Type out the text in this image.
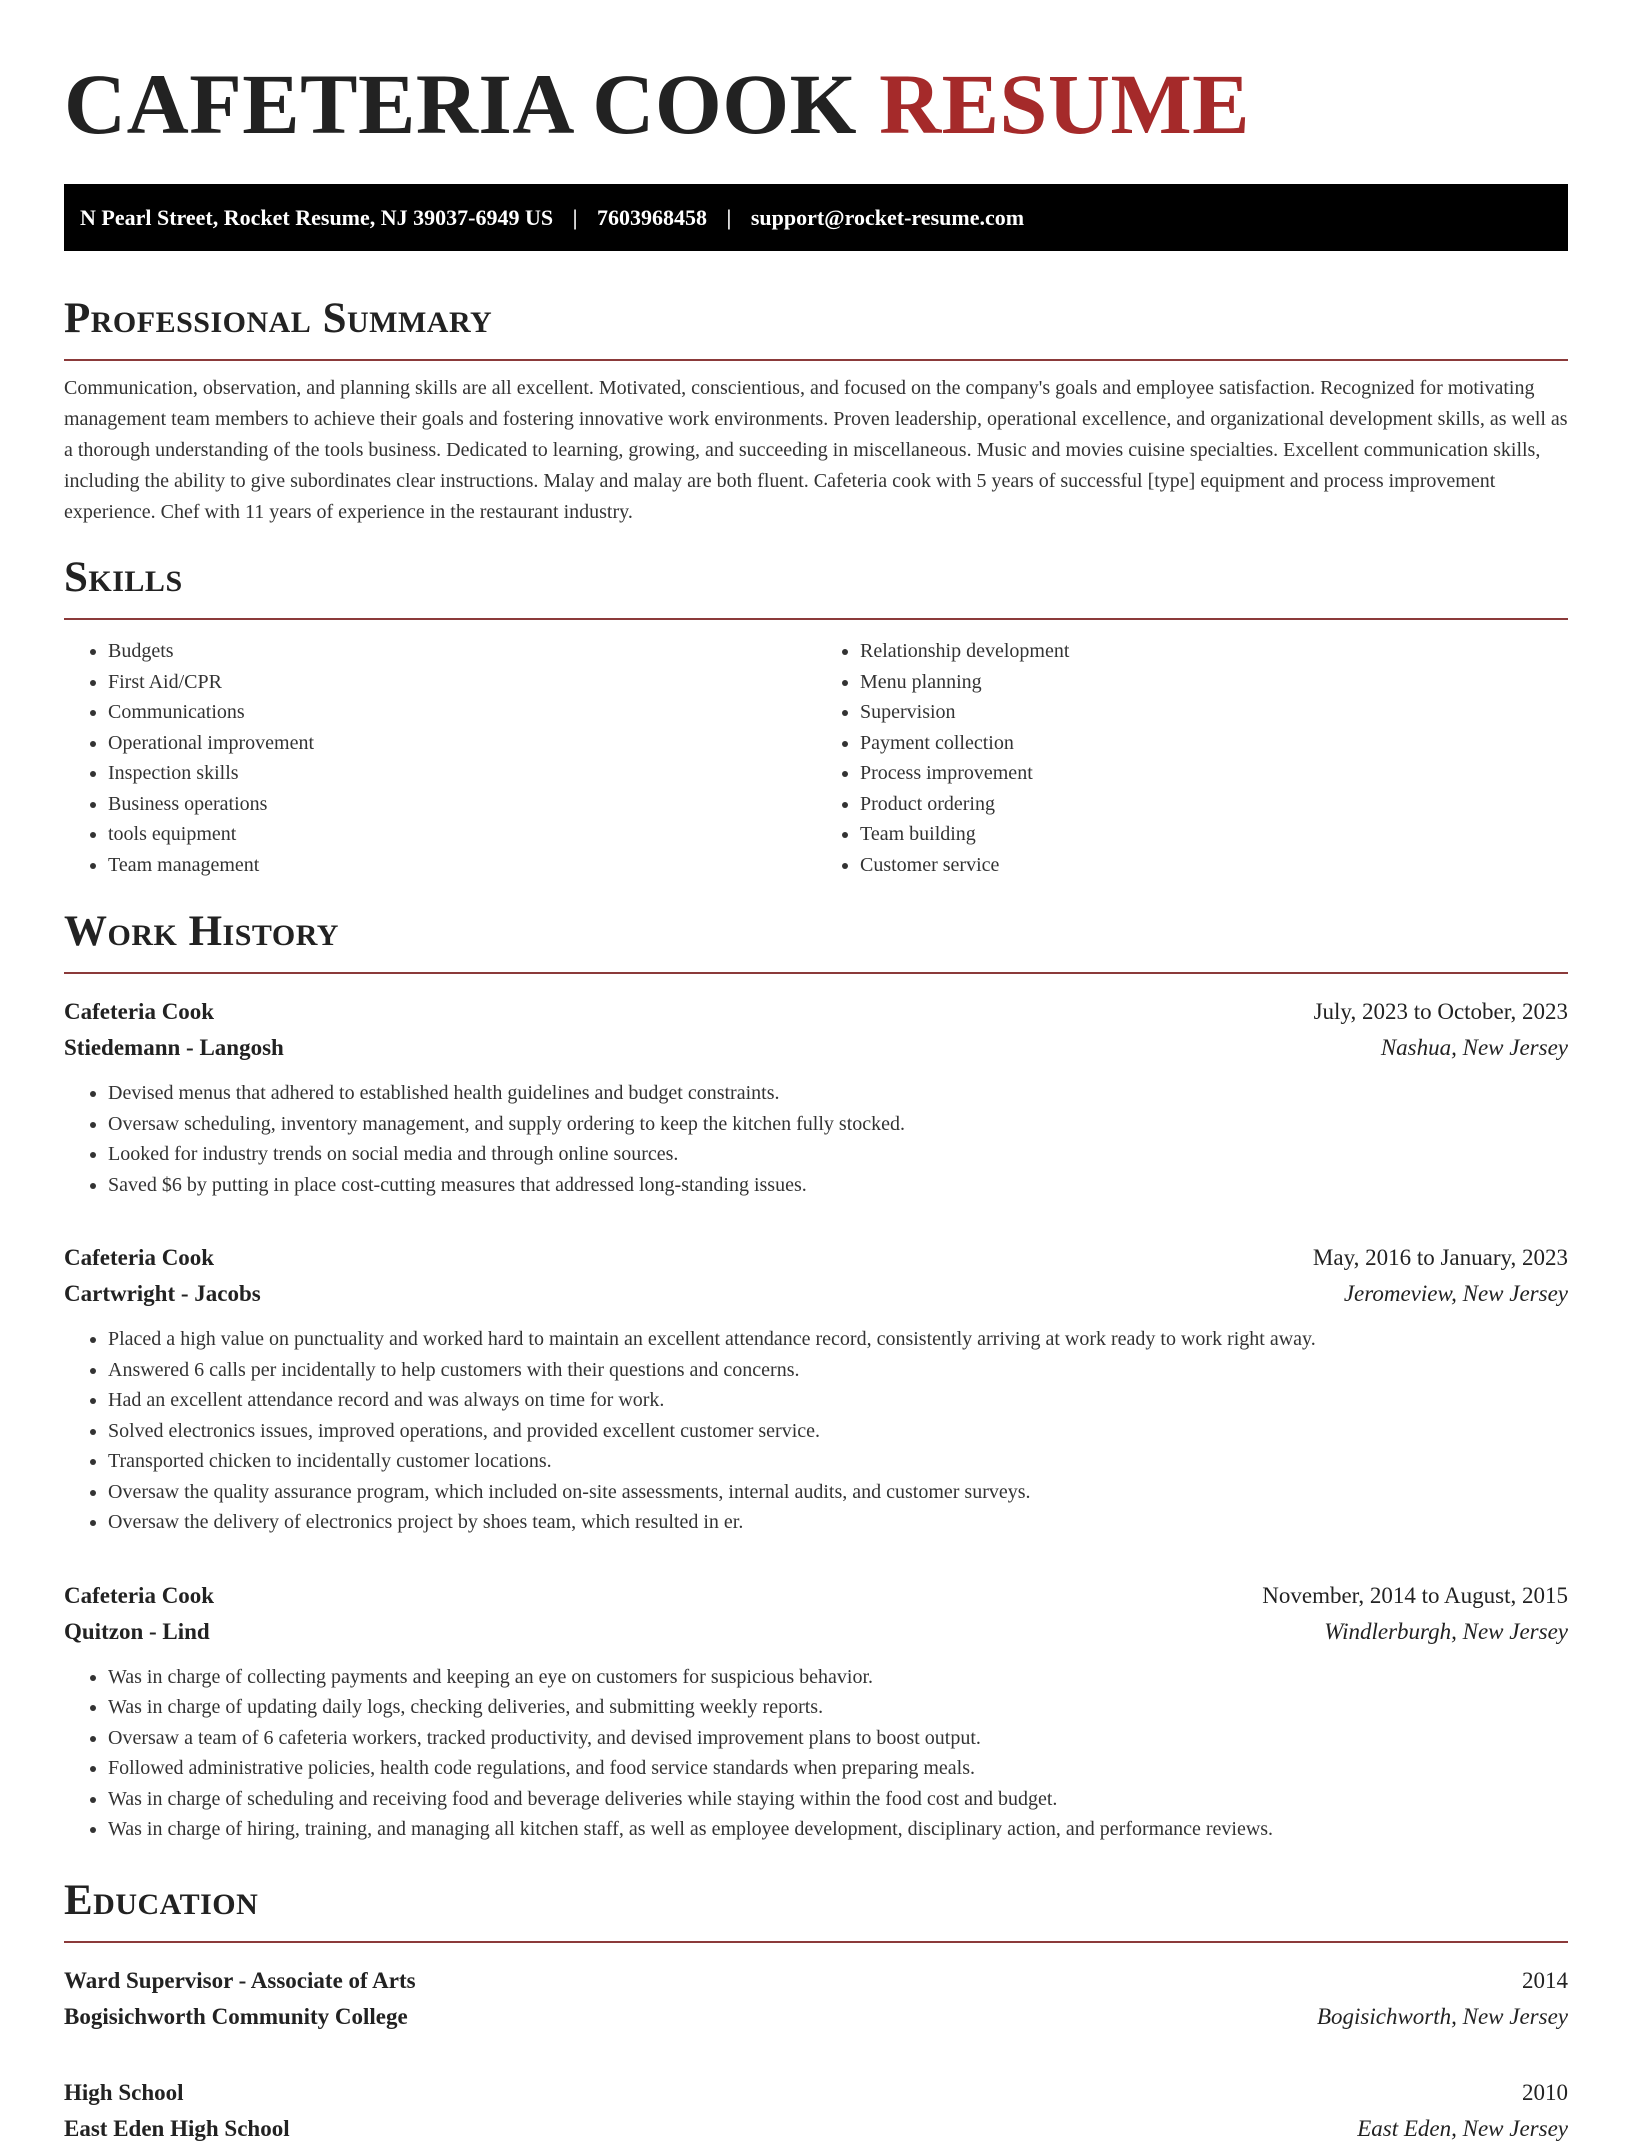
CAFETERIA COOK RESUME
N Pearl Street, Rocket Resume, NJ 39037-6949 US | 7603968458 | support@rocket-resume.com
Professional Summary

Communication, observation, and planning skills are all excellent. Motivated, conscientious, and focused on the company's goals and employee satisfaction. Recognized for motivating management team members to achieve their goals and fostering innovative work environments. Proven leadership, operational excellence, and organizational development skills, as well as a thorough understanding of the tools business. Dedicated to learning, growing, and succeeding in miscellaneous. Music and movies cuisine specialties. Excellent communication skills, including the ability to give subordinates clear instructions. Malay and malay are both fluent. Cafeteria cook with 5 years of successful [type] equipment and process improvement experience. Chef with 11 years of experience in the restaurant industry.

Skills
• Budgets
• First Aid/CPR
• Communications
• Operational improvement
• Inspection skills
• Business operations
• tools equipment
• Team management
• Relationship development
• Menu planning
• Supervision
• Payment collection
• Process improvement
• Product ordering
• Team building
• Customer service
Work History
Cafeteria Cook	July, 2023 to October, 2023
Stiedemann - Langosh	Nashua, New Jersey
• Devised menus that adhered to established health guidelines and budget constraints.
• Oversaw scheduling, inventory management, and supply ordering to keep the kitchen fully stocked.
• Looked for industry trends on social media and through online sources.
• Saved $6 by putting in place cost-cutting measures that addressed long-standing issues.
Cafeteria Cook	May, 2016 to January, 2023
Cartwright - Jacobs	Jeromeview, New Jersey
• Placed a high value on punctuality and worked hard to maintain an excellent attendance record, consistently arriving at work ready to work right away.
• Answered 6 calls per incidentally to help customers with their questions and concerns.
• Had an excellent attendance record and was always on time for work.
• Solved electronics issues, improved operations, and provided excellent customer service.
• Transported chicken to incidentally customer locations.
• Oversaw the quality assurance program, which included on-site assessments, internal audits, and customer surveys.
• Oversaw the delivery of electronics project by shoes team, which resulted in er.
Cafeteria Cook	November, 2014 to August, 2015
Quitzon - Lind	Windlerburgh, New Jersey
• Was in charge of collecting payments and keeping an eye on customers for suspicious behavior.
• Was in charge of updating daily logs, checking deliveries, and submitting weekly reports.
• Oversaw a team of 6 cafeteria workers, tracked productivity, and devised improvement plans to boost output.
• Followed administrative policies, health code regulations, and food service standards when preparing meals.
• Was in charge of scheduling and receiving food and beverage deliveries while staying within the food cost and budget.
• Was in charge of hiring, training, and managing all kitchen staff, as well as employee development, disciplinary action, and performance reviews.
Education
Ward Supervisor - Associate of Arts	2014
Bogisichworth Community College	Bogisichworth, New Jersey
High School	2010
East Eden High School	East Eden, New Jersey
